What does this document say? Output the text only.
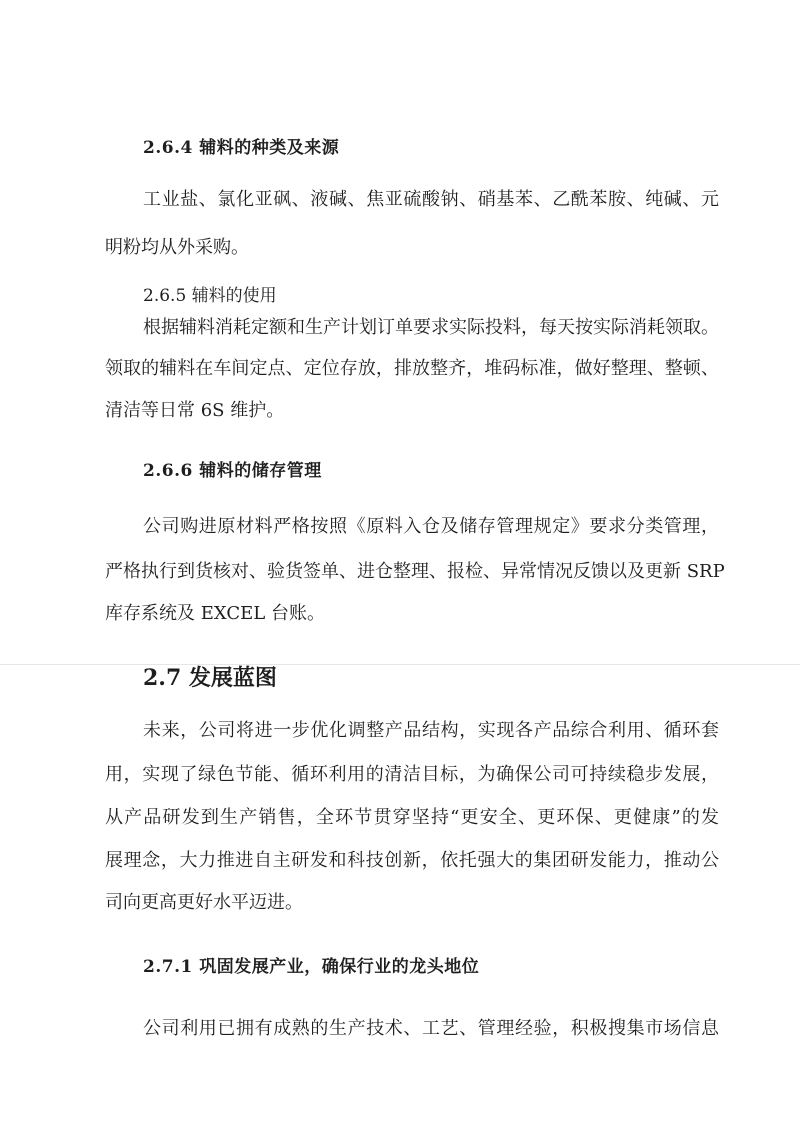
2.6.4 辅料的种类及来源
工业盐、氯化亚砜、液碱、焦亚硫酸钠、硝基苯、乙酰苯胺、纯碱、元
明粉均从外采购。
2.6.5 辅料的使用
根据辅料消耗定额和生产计划订单要求实际投料，每天按实际消耗领取。
领取的辅料在车间定点、定位存放，排放整齐，堆码标准，做好整理、整顿、
清洁等日常 6S 维护。
2.6.6 辅料的储存管理
公司购进原材料严格按照《原料入仓及储存管理规定》要求分类管理，
严格执行到货核对、验货签单、进仓整理、报检、异常情况反馈以及更新 SRP
库存系统及 EXCEL 台账。
2.7 发展蓝图
未来，公司将进一步优化调整产品结构，实现各产品综合利用、循环套
用，实现了绿色节能、循环利用的清洁目标，为确保公司可持续稳步发展，
从产品研发到生产销售，全环节贯穿坚持“更安全、更环保、更健康”的发
展理念，大力推进自主研发和科技创新，依托强大的集团研发能力，推动公
司向更高更好水平迈进。
2.7.1 巩固发展产业，确保行业的龙头地位
公司利用已拥有成熟的生产技术、工艺、管理经验，积极搜集市场信息
